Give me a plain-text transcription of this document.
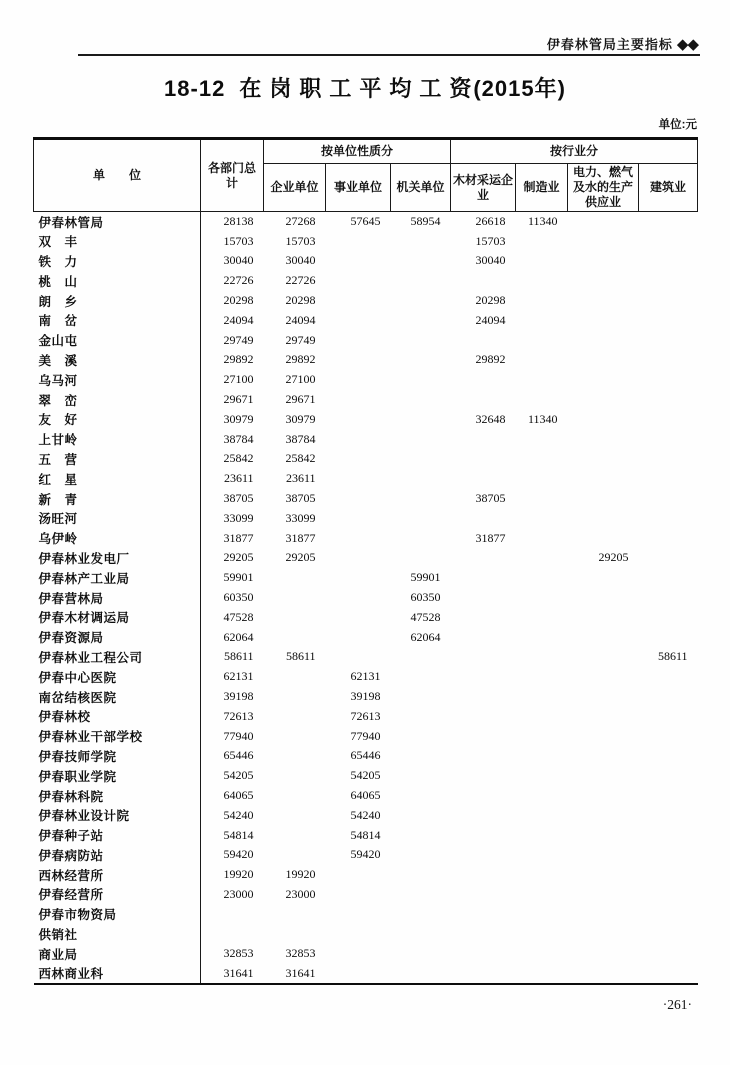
伊春林管局主要指标 ◆◆
18-12 在岗职工平均工资(2015年)
单位:元
单　　位	各部门总计	按单位性质分			按行业分			
		企业单位	事业单位	机关单位	木材采运企业	制造业	电力、燃气及水的生产供应业	建筑业
伊春林管局	28138	27268	57645	58954	26618	11340		
双　丰	15703	15703			15703			
铁　力	30040	30040			30040			
桃　山	22726	22726						
朗　乡	20298	20298			20298			
南　岔	24094	24094			24094			
金山屯	29749	29749						
美　溪	29892	29892			29892			
乌马河	27100	27100						
翠　峦	29671	29671						
友　好	30979	30979			32648	11340		
上甘岭	38784	38784						
五　营	25842	25842						
红　星	23611	23611						
新　青	38705	38705			38705			
汤旺河	33099	33099						
乌伊岭	31877	31877			31877			
伊春林业发电厂	29205	29205					29205	
伊春林产工业局	59901			59901				
伊春营林局	60350			60350				
伊春木材调运局	47528			47528				
伊春资源局	62064			62064				
伊春林业工程公司	58611	58611						58611
伊春中心医院	62131		62131					
南岔结核医院	39198		39198					
伊春林校	72613		72613					
伊春林业干部学校	77940		77940					
伊春技师学院	65446		65446					
伊春职业学院	54205		54205					
伊春林科院	64065		64065					
伊春林业设计院	54240		54240					
伊春种子站	54814		54814					
伊春病防站	59420		59420					
西林经营所	19920	19920						
伊春经营所	23000	23000						
伊春市物资局								
供销社								
商业局	32853	32853						
西林商业科	31641	31641						
·261·
